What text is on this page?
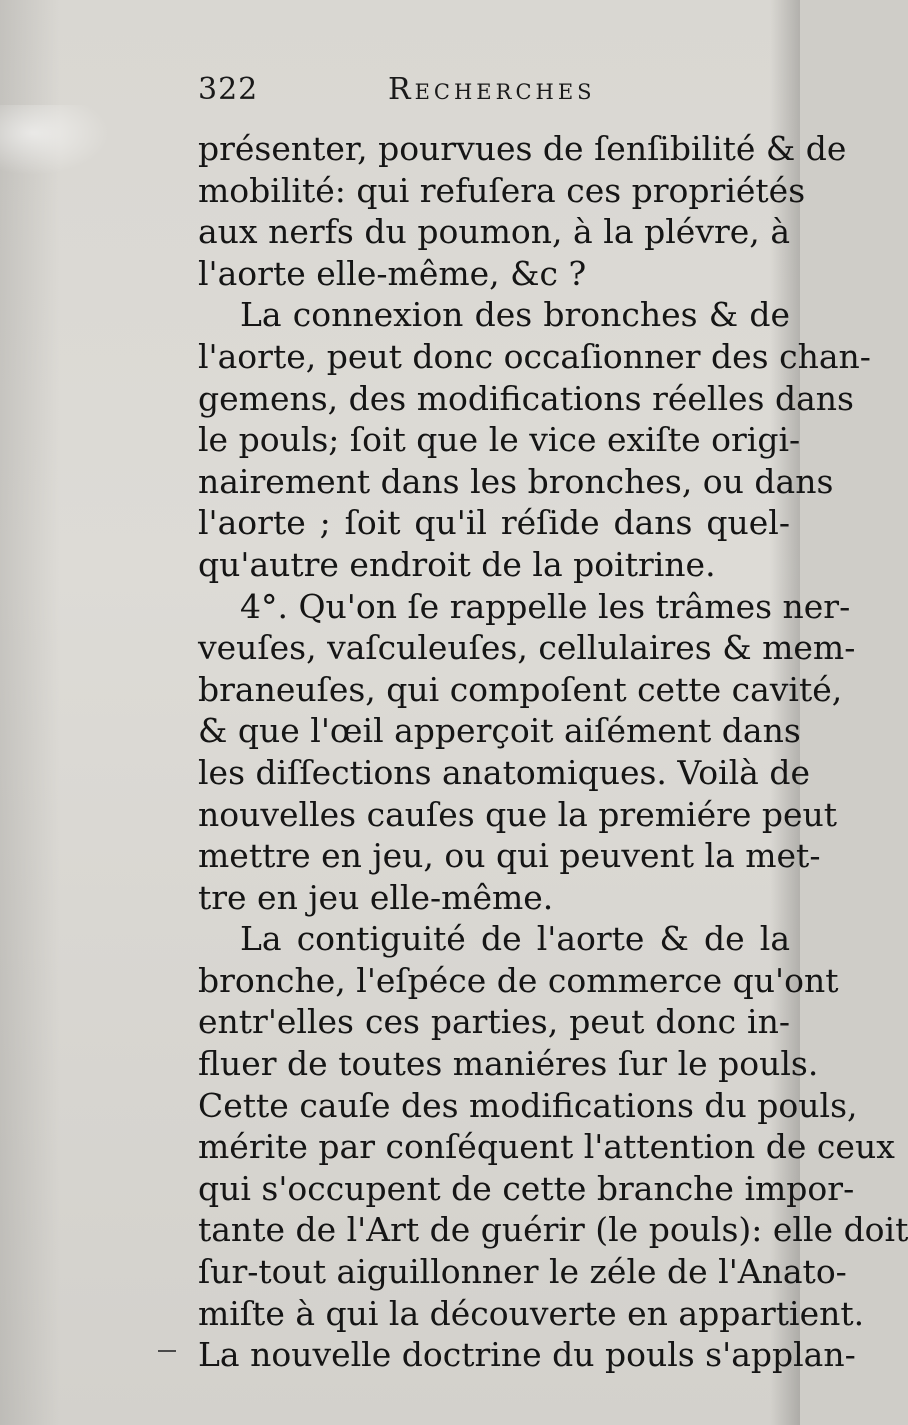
322	Recherches
présenter, pourvues de ſenſibilité & de
mobilité: qui refuſera ces propriétés
aux nerfs du poumon, à la plévre, à
l'aorte elle-même, &c ?
La connexion des bronches & de
l'aorte, peut donc occaſionner des chan-
gemens, des modifications réelles dans
le pouls; ſoit que le vice exiſte origi-
nairement dans les bronches, ou dans
l'aorte ; ſoit qu'il réſide dans quel-
qu'autre endroit de la poitrine.
4°. Qu'on ſe rappelle les trâmes ner-
veuſes, vaſculeuſes, cellulaires & mem-
braneuſes, qui compoſent cette cavité,
& que l'œil apperçoit aiſément dans
les diſſections anatomiques. Voilà de
nouvelles cauſes que la premiére peut
mettre en jeu, ou qui peuvent la met-
tre en jeu elle-même.
La contiguité de l'aorte & de la
bronche, l'eſpéce de commerce qu'ont
entr'elles ces parties, peut donc in-
fluer de toutes maniéres ſur le pouls.
Cette cauſe des modifications du pouls,
mérite par conſéquent l'attention de ceux
qui s'occupent de cette branche impor-
tante de l'Art de guérir (le pouls): elle doit
ſur-tout aiguillonner le zéle de l'Anato-
miſte à qui la découverte en appartient.
La nouvelle doctrine du pouls s'applan-
